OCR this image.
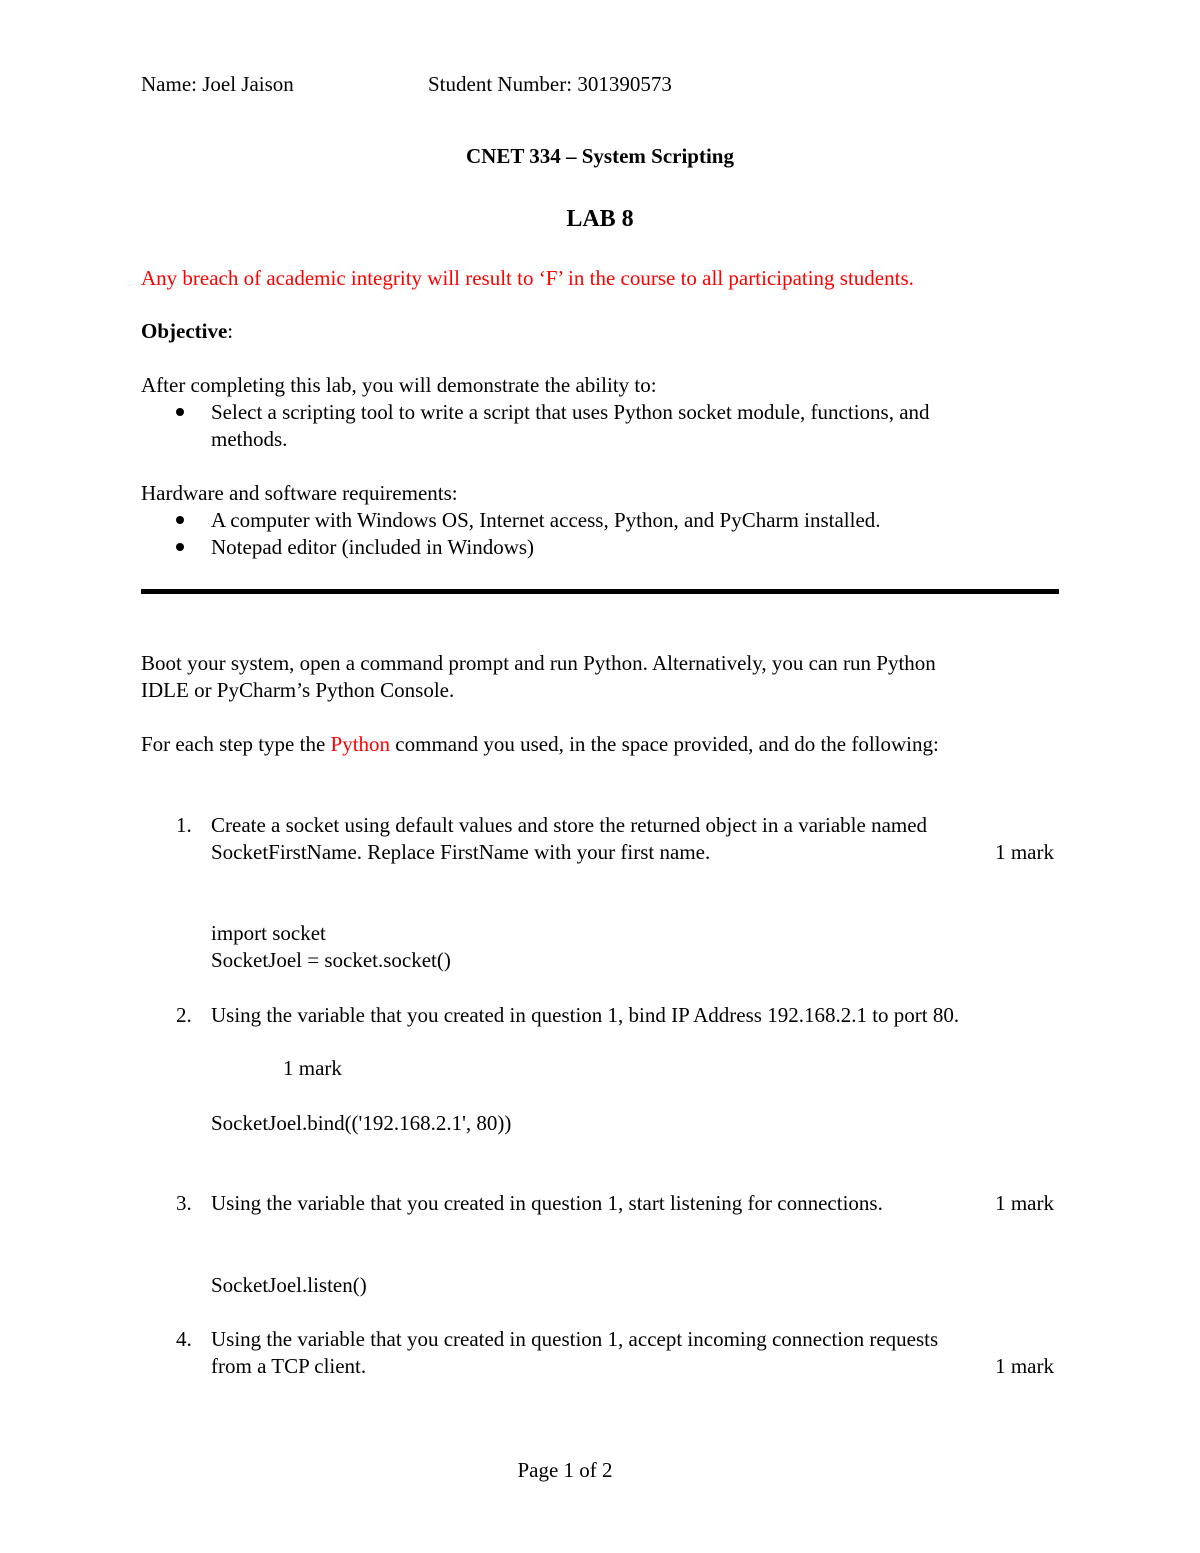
Name: Joel Jaison	Student Number: 301390573
CNET 334 – System Scripting
LAB 8
Any breach of academic integrity will result to ‘F’ in the course to all participating students.
Objective:
After completing this lab, you will demonstrate the ability to:
Select a scripting tool to write a script that uses Python socket module, functions, and
methods.
Hardware and software requirements:
A computer with Windows OS, Internet access, Python, and PyCharm installed.
Notepad editor (included in Windows)
Boot your system, open a command prompt and run Python. Alternatively, you can run Python
IDLE or PyCharm’s Python Console.
For each step type the Python command you used, in the space provided, and do the following:
1. Create a socket using default values and store the returned object in a variable named
SocketFirstName. Replace FirstName with your first name.	1 mark
import socket
SocketJoel = socket.socket()
2. Using the variable that you created in question 1, bind IP Address 192.168.2.1 to port 80.
1 mark
SocketJoel.bind(('192.168.2.1', 80))
3. Using the variable that you created in question 1, start listening for connections.	1 mark
SocketJoel.listen()
4. Using the variable that you created in question 1, accept incoming connection requests
from a TCP client.	1 mark
Page 1 of 2
